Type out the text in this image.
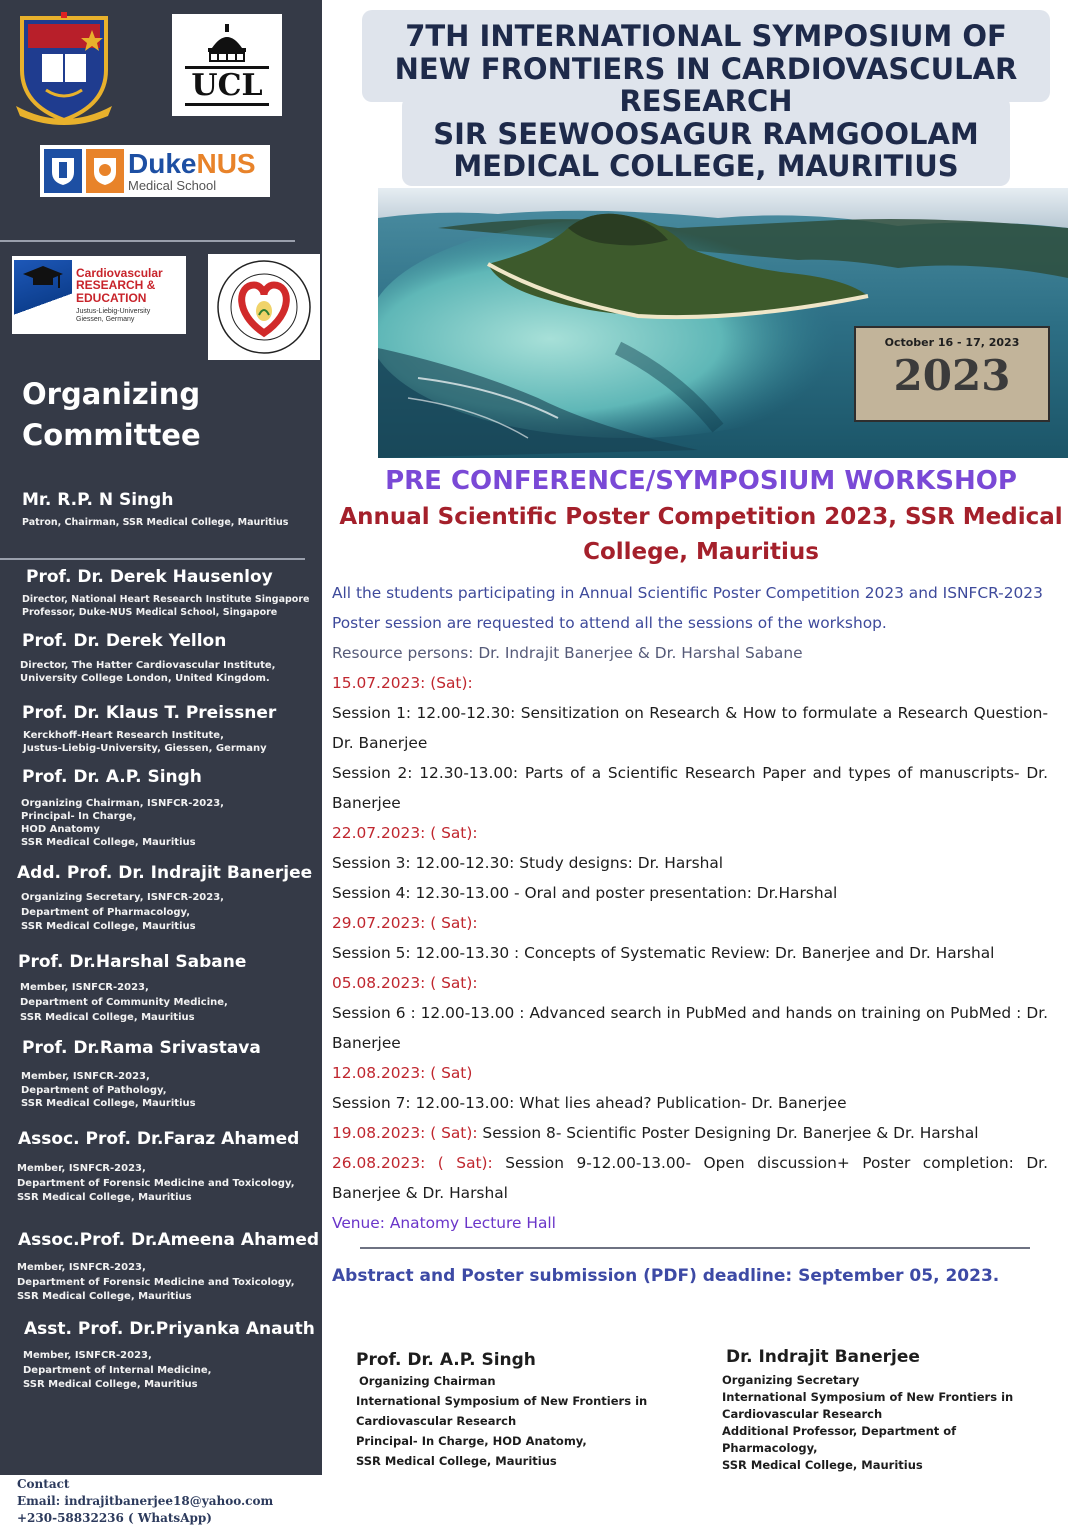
UCL
DukeNUS
Medical School
Cardiovascular
RESEARCH &
EDUCATION
Justus-Liebig-University
Giessen, Germany
Organizing
Committee
Mr. R.P. N Singh
Patron, Chairman, SSR Medical College, Mauritius
Prof. Dr. Derek Hausenloy
Director, National Heart Research Institute Singapore
Professor, Duke-NUS Medical School, Singapore
Prof. Dr. Derek Yellon
Director, The Hatter Cardiovascular Institute,
University College London, United Kingdom.
Prof. Dr. Klaus T. Preissner
Kerckhoff-Heart Research Institute,
Justus-Liebig-University, Giessen, Germany
Prof. Dr. A.P. Singh
Organizing Chairman, ISNFCR-2023,
Principal- In Charge,
HOD Anatomy
SSR Medical College, Mauritius
Add. Prof. Dr. Indrajit Banerjee
Organizing Secretary, ISNFCR-2023,
Department of Pharmacology,
SSR Medical College, Mauritius
Prof. Dr.Harshal Sabane
Member, ISNFCR-2023,
Department of Community Medicine,
SSR Medical College, Mauritius
Prof. Dr.Rama Srivastava
Member, ISNFCR-2023,
Department of Pathology,
SSR Medical College, Mauritius
Assoc. Prof. Dr.Faraz Ahamed
Member, ISNFCR-2023,
Department of Forensic Medicine and Toxicology,
SSR Medical College, Mauritius
Assoc.Prof. Dr.Ameena Ahamed
Member, ISNFCR-2023,
Department of Forensic Medicine and Toxicology,
SSR Medical College, Mauritius
Asst. Prof. Dr.Priyanka Anauth
Member, ISNFCR-2023,
Department of Internal Medicine,
SSR Medical College, Mauritius
Contact
Email: indrajitbanerjee18@yahoo.com
+230-58832236 ( WhatsApp)
7TH INTERNATIONAL SYMPOSIUM OF
NEW FRONTIERS IN CARDIOVASCULAR
RESEARCH
SIR SEEWOOSAGUR RAMGOOLAM
MEDICAL COLLEGE, MAURITIUS
October 16 - 17, 2023
2023
PRE CONFERENCE/SYMPOSIUM WORKSHOP
Annual Scientific Poster Competition 2023, SSR Medical
College, Mauritius
All the students participating in Annual Scientific Poster Competition 2023 and ISNFCR-2023 Poster session are requested to attend all the sessions of the workshop.
Resource persons: Dr. Indrajit Banerjee & Dr. Harshal Sabane
15.07.2023: (Sat):
Session 1: 12.00-12.30: Sensitization on Research & How to formulate a Research Question- Dr. Banerjee
Session 2: 12.30-13.00: Parts of a Scientific Research Paper and types of manuscripts- Dr. Banerjee
22.07.2023: ( Sat):
Session 3: 12.00-12.30: Study designs: Dr. Harshal
Session 4: 12.30-13.00 - Oral and poster presentation: Dr.Harshal
29.07.2023: ( Sat):
Session 5: 12.00-13.30 : Concepts of Systematic Review: Dr. Banerjee and Dr. Harshal
05.08.2023: ( Sat):
Session 6 : 12.00-13.00 : Advanced search in PubMed and hands on training on PubMed : Dr. Banerjee
12.08.2023: ( Sat)
Session 7: 12.00-13.00: What lies ahead? Publication- Dr. Banerjee
19.08.2023: ( Sat): Session 8- Scientific Poster Designing Dr. Banerjee & Dr. Harshal
26.08.2023: ( Sat): Session 9-12.00-13.00- Open discussion+ Poster completion: Dr. Banerjee & Dr. Harshal
Venue: Anatomy Lecture Hall
Abstract and Poster submission (PDF) deadline: September 05, 2023.
Prof. Dr. A.P. Singh
Organizing Chairman
International Symposium of New Frontiers in
Cardiovascular Research
Principal- In Charge, HOD Anatomy,
SSR Medical College, Mauritius
Dr. Indrajit Banerjee
Organizing Secretary
International Symposium of New Frontiers in
Cardiovascular Research
Additional Professor, Department of
Pharmacology,
SSR Medical College, Mauritius
